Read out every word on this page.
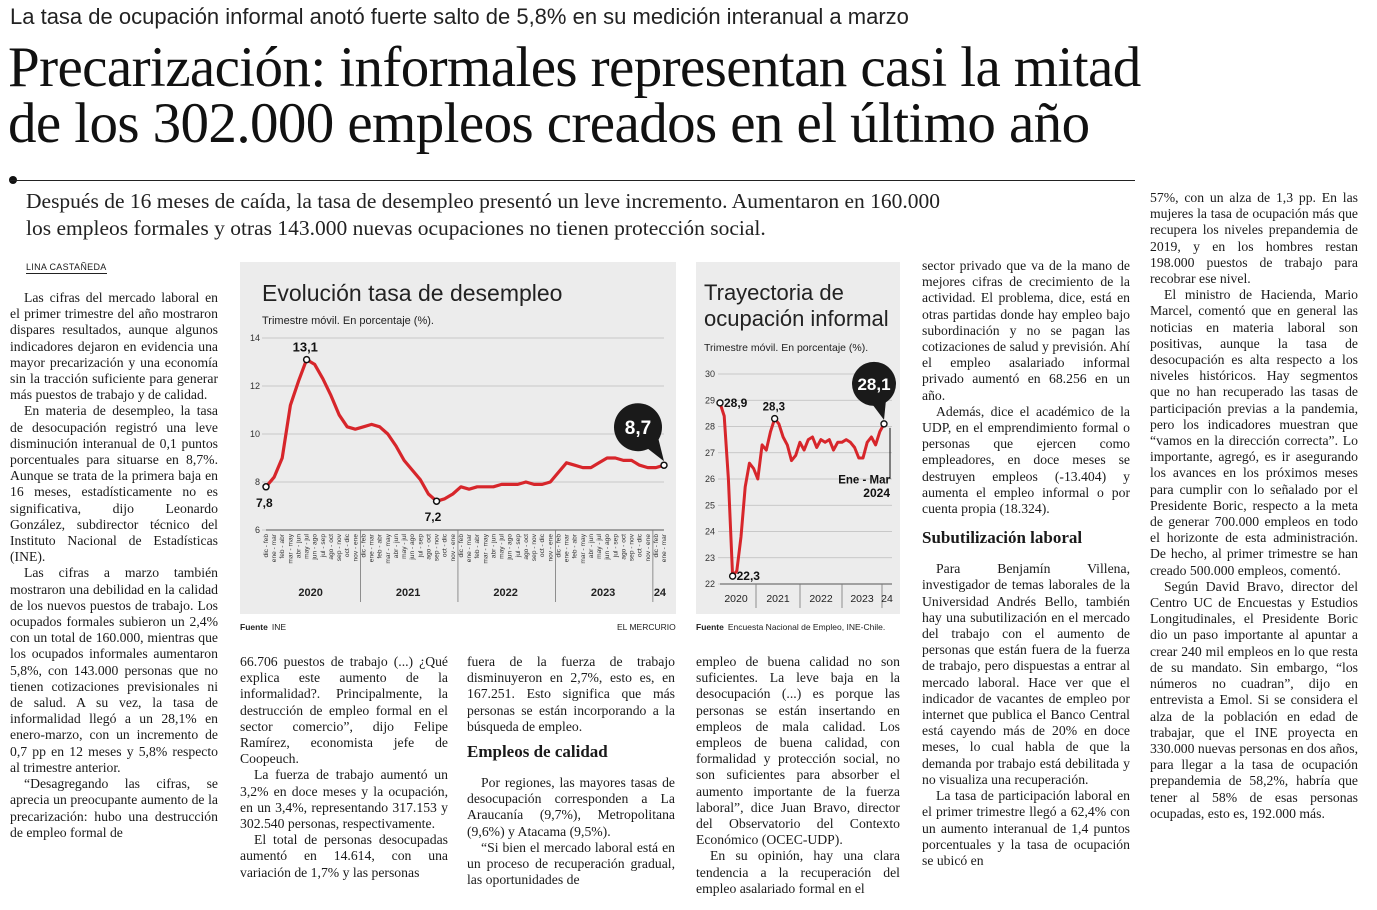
La tasa de ocupación informal anotó fuerte salto de 5,8% en su medición interanual a marzo
Precarización: informales representan casi la mitad
de los 302.000 empleos creados en el último año
Después de 16 meses de caída, la tasa de desempleo presentó un leve incremento. Aumentaron en 160.000
los empleos formales y otras 143.000 nuevas ocupaciones no tienen protección social.
LINA CASTAÑEDA

Las cifras del mercado laboral en el primer trimestre del año mostraron dispares resultados, aunque algunos indicadores dejaron en evidencia una mayor precarización y una economía sin la tracción suficiente para generar más puestos de trabajo y de calidad.

En materia de desempleo, la tasa de desocupación registró una leve disminución interanual de 0,1 puntos porcentuales para situarse en 8,7%. Aunque se trata de la primera baja en 16 meses, estadísticamente no es significativa, dijo Leonardo González, subdirector técnico del Instituto Nacional de Estadísticas (INE).

Las cifras a marzo también mostraron una debilidad en la calidad de los nuevos puestos de trabajo. Los ocupados formales subieron un 2,4% con un total de 160.000, mientras que los ocupados informales aumentaron 5,8%, con 143.000 personas que no tienen cotizaciones previsionales ni de salud. A su vez, la tasa de informalidad llegó a un 28,1% en enero-marzo, con un incremento de 0,7 pp en 12 meses y 5,8% respecto al trimestre anterior.

“Desagregando las cifras, se aprecia un preocupante aumento de la precarización: hubo una destrucción de empleo formal de

Evolución tasa de desempleo
Trimestre móvil. En porcentaje (%).
14
12
10
8
6
dic - feb ene - mar feb - abr mar - may abr - jun may - jul jun - ago jul - sep ago - oct sep - nov oct - dic nov - ene dic - feb ene - mar feb - abr mar - may abr - jun may - jul jun - ago jul - sep ago - oct sep - nov oct - dic nov - ene dic - feb ene - mar feb - abr mar - may abr - jun may - jul jun - ago jul - sep ago - oct sep - nov oct - dic nov - ene dic - feb ene - mar feb - abr mar - may abr - jun may - jul jun - ago jul - sep ago - oct sep - nov oct - dic nov - ene dic - feb ene - mar
2020	2021	2022	2023	24
7,8
13,1
7,2
8,7
Fuente INE	EL MERCURIO
Trayectoria de
ocupación informal
Trimestre móvil. En porcentaje (%).
30
29
28
27
26
25
24
23
22
2020 2021 2022 2023 24
28,9
22,3
28,3
Ene - Mar
2024
28,1
Fuente Encuesta Nacional de Empleo, INE-Chile.

66.706 puestos de trabajo (...) ¿Qué explica este aumento de la informalidad?. Principalmente, la destrucción de empleo formal en el sector comercio”, dijo Felipe Ramírez, economista jefe de Coopeuch.

La fuerza de trabajo aumentó un 3,2% en doce meses y la ocupación, en un 3,4%, representando 317.153 y 302.540 personas, respectivamente.

El total de personas desocupadas aumentó en 14.614, con una variación de 1,7% y las personas

fuera de la fuerza de trabajo disminuyeron en 2,7%, esto es, en 167.251. Esto significa que más personas se están incorporando a la búsqueda de empleo.

Empleos de calidad

Por regiones, las mayores tasas de desocupación corresponden a La Araucanía (9,7%), Metropolitana (9,6%) y Atacama (9,5%).

“Si bien el mercado laboral está en un proceso de recuperación gradual, las oportunidades de

empleo de buena calidad no son suficientes. La leve baja en la desocupación (...) es porque las personas se están insertando en empleos de mala calidad. Los empleos de buena calidad, con formalidad y protección social, no son suficientes para absorber el aumento importante de la fuerza laboral”, dice Juan Bravo, director del Observatorio del Contexto Económico (OCEC-UDP).

En su opinión, hay una clara tendencia a la recuperación del empleo asalariado formal en el

sector privado que va de la mano de mejores cifras de crecimiento de la actividad. El problema, dice, está en otras partidas donde hay empleo bajo subordinación y no se pagan las cotizaciones de salud y previsión. Ahí el empleo asalariado informal privado aumentó en 68.256 en un año.

Además, dice el académico de la UDP, en el emprendimiento formal o personas que ejercen como empleadores, en doce meses se destruyen empleos (-13.404) y aumenta el empleo informal o por cuenta propia (18.324).

Subutilización laboral

Para Benjamín Villena, investigador de temas laborales de la Universidad Andrés Bello, también hay una subutilización en el mercado del trabajo con el aumento de personas que están fuera de la fuerza de trabajo, pero dispuestas a entrar al mercado laboral. Hace ver que el indicador de vacantes de empleo por internet que publica el Banco Central está cayendo más de 20% en doce meses, lo cual habla de que la demanda por trabajo está debilitada y no visualiza una recuperación.

La tasa de participación laboral en el primer trimestre llegó a 62,4% con un aumento interanual de 1,4 puntos porcentuales y la tasa de ocupación se ubicó en

57%, con un alza de 1,3 pp. En las mujeres la tasa de ocupación más que recupera los niveles prepandemia de 2019, y en los hombres restan 198.000 puestos de trabajo para recobrar ese nivel.

El ministro de Hacienda, Mario Marcel, comentó que en general las noticias en materia laboral son positivas, aunque la tasa de desocupación es alta respecto a los niveles históricos. Hay segmentos que no han recuperado las tasas de participación previas a la pandemia, pero los indicadores muestran que “vamos en la dirección correcta”. Lo importante, agregó, es ir asegurando los avances en los próximos meses para cumplir con lo señalado por el Presidente Boric, respecto a la meta de generar 700.000 empleos en todo el horizonte de esta administración. De hecho, al primer trimestre se han creado 500.000 empleos, comentó.

Según David Bravo, director del Centro UC de Encuestas y Estudios Longitudinales, el Presidente Boric dio un paso importante al apuntar a crear 240 mil empleos en lo que resta de su mandato. Sin embargo, “los números no cuadran”, dijo en entrevista a Emol. Si se considera el alza de la población en edad de trabajar, que el INE proyecta en 330.000 nuevas personas en dos años, para llegar a la tasa de ocupación prepandemia de 58,2%, habría que tener al 58% de esas personas ocupadas, esto es, 192.000 más.
